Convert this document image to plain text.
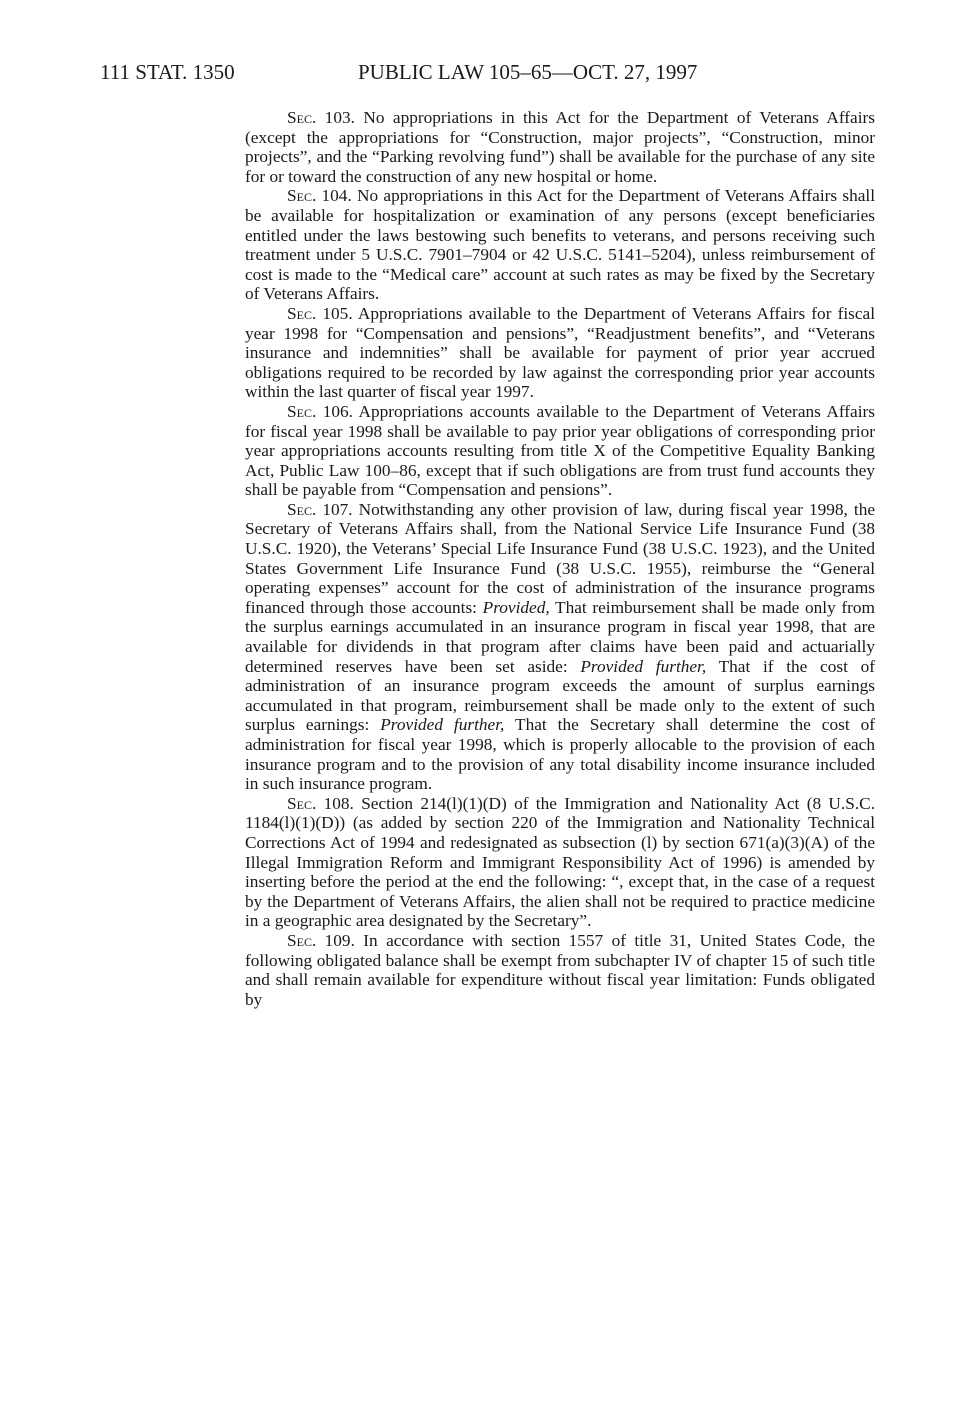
111 STAT. 1350	PUBLIC LAW 105–65—OCT. 27, 1997

Sec. 103. No appropriations in this Act for the Department of Veterans Affairs (except the appropriations for “Construction, major projects”, “Construction, minor projects”, and the “Parking revolving fund”) shall be available for the purchase of any site for or toward the construction of any new hospital or home.

Sec. 104. No appropriations in this Act for the Department of Veterans Affairs shall be available for hospitalization or examination of any persons (except beneficiaries entitled under the laws bestowing such benefits to veterans, and persons receiving such treatment under 5 U.S.C. 7901–7904 or 42 U.S.C. 5141–5204), unless reimbursement of cost is made to the “Medical care” account at such rates as may be fixed by the Secretary of Veterans Affairs.

Sec. 105. Appropriations available to the Department of Veterans Affairs for fiscal year 1998 for “Compensation and pensions”, “Readjustment benefits”, and “Veterans insurance and indemnities” shall be available for payment of prior year accrued obligations required to be recorded by law against the corresponding prior year accounts within the last quarter of fiscal year 1997.

Sec. 106. Appropriations accounts available to the Department of Veterans Affairs for fiscal year 1998 shall be available to pay prior year obligations of corresponding prior year appropriations accounts resulting from title X of the Competitive Equality Banking Act, Public Law 100–86, except that if such obligations are from trust fund accounts they shall be payable from “Compensation and pensions”.

Sec. 107. Notwithstanding any other provision of law, during fiscal year 1998, the Secretary of Veterans Affairs shall, from the National Service Life Insurance Fund (38 U.S.C. 1920), the Veterans’ Special Life Insurance Fund (38 U.S.C. 1923), and the United States Government Life Insurance Fund (38 U.S.C. 1955), reimburse the “General operating expenses” account for the cost of administration of the insurance programs financed through those accounts: Provided, That reimbursement shall be made only from the surplus earnings accumulated in an insurance program in fiscal year 1998, that are available for dividends in that program after claims have been paid and actuarially determined reserves have been set aside: Provided further, That if the cost of administration of an insurance program exceeds the amount of surplus earnings accumulated in that program, reimbursement shall be made only to the extent of such surplus earnings: Provided further, That the Secretary shall determine the cost of administration for fiscal year 1998, which is properly allocable to the provision of each insurance program and to the provision of any total disability income insurance included in such insurance program.

Sec. 108. Section 214(l)(1)(D) of the Immigration and Nationality Act (8 U.S.C. 1184(l)(1)(D)) (as added by section 220 of the Immigration and Nationality Technical Corrections Act of 1994 and redesignated as subsection (l) by section 671(a)(3)(A) of the Illegal Immigration Reform and Immigrant Responsibility Act of 1996) is amended by inserting before the period at the end the following: “, except that, in the case of a request by the Department of Veterans Affairs, the alien shall not be required to practice medicine in a geographic area designated by the Secretary”.

Sec. 109. In accordance with section 1557 of title 31, United States Code, the following obligated balance shall be exempt from subchapter IV of chapter 15 of such title and shall remain available for expenditure without fiscal year limitation: Funds obligated by
